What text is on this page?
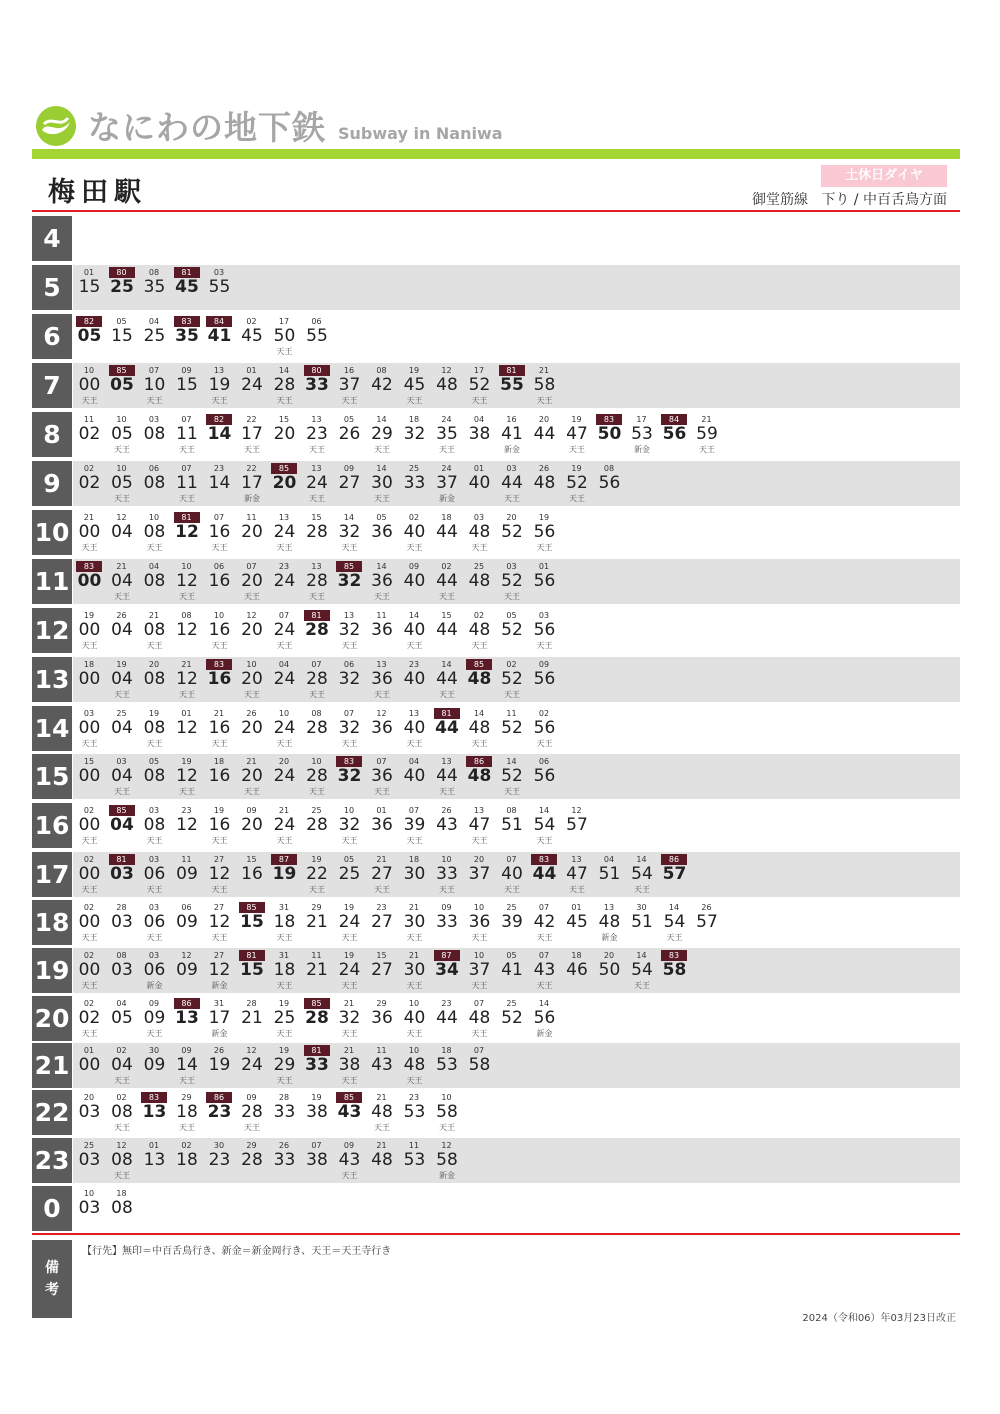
なにわの地下鉄 Subway in Naniwa
梅田駅
土休日ダイヤ
御堂筋線 下り / 中百舌鳥方面
4
5
01
15
80
25
08
35
81
45
03
55
6
82
05
05
15
04
25
83
35
84
41
02
45
17
50
天王
06
55
7
10
00
天王
85
05
07
10
天王
09
15
13
19
天王
01
24
14
28
天王
80
33
16
37
天王
08
42
19
45
天王
12
48
17
52
天王
81
55
21
58
天王
8
11
02
10
05
天王
03
08
07
11
天王
82
14
22
17
天王
15
20
13
23
天王
05
26
14
29
天王
18
32
24
35
天王
04
38
16
41
新金
20
44
19
47
天王
83
50
17
53
新金
84
56
21
59
天王
9
02
02
10
05
天王
06
08
07
11
天王
23
14
22
17
新金
85
20
13
24
天王
09
27
14
30
天王
25
33
24
37
新金
01
40
03
44
天王
26
48
19
52
天王
08
56
10
21
00
天王
12
04
10
08
天王
81
12
07
16
天王
11
20
13
24
天王
15
28
14
32
天王
05
36
02
40
天王
18
44
03
48
天王
20
52
19
56
天王
11
83
00
21
04
天王
04
08
10
12
天王
06
16
07
20
天王
23
24
13
28
天王
85
32
14
36
天王
09
40
02
44
天王
25
48
03
52
天王
01
56
12
19
00
天王
26
04
21
08
天王
08
12
10
16
天王
12
20
07
24
天王
81
28
13
32
天王
11
36
14
40
天王
15
44
02
48
天王
05
52
03
56
天王
13
18
00
19
04
天王
20
08
21
12
天王
83
16
10
20
天王
04
24
07
28
天王
06
32
13
36
天王
23
40
14
44
天王
85
48
02
52
天王
09
56
14
03
00
天王
25
04
19
08
天王
01
12
21
16
天王
26
20
10
24
天王
08
28
07
32
天王
12
36
13
40
天王
81
44
14
48
天王
11
52
02
56
天王
15
15
00
03
04
天王
05
08
19
12
天王
18
16
21
20
天王
20
24
10
28
天王
83
32
07
36
天王
04
40
13
44
天王
86
48
14
52
天王
06
56
16
02
00
天王
85
04
03
08
天王
23
12
19
16
天王
09
20
21
24
天王
25
28
10
32
天王
01
36
07
39
天王
26
43
13
47
天王
08
51
14
54
天王
12
57
17
02
00
天王
81
03
03
06
天王
11
09
27
12
天王
15
16
87
19
19
22
天王
05
25
21
27
天王
18
30
10
33
天王
20
37
07
40
天王
83
44
13
47
天王
04
51
14
54
天王
86
57
18
02
00
天王
28
03
03
06
天王
06
09
27
12
天王
85
15
31
18
天王
29
21
19
24
天王
23
27
21
30
天王
09
33
10
36
天王
25
39
07
42
天王
01
45
13
48
新金
30
51
14
54
天王
26
57
19
02
00
天王
08
03
03
06
新金
12
09
27
12
新金
81
15
31
18
天王
11
21
19
24
天王
15
27
21
30
天王
87
34
10
37
天王
05
41
07
43
天王
18
46
20
50
14
54
天王
83
58
20
02
02
天王
04
05
09
09
天王
86
13
31
17
新金
28
21
19
25
天王
85
28
21
32
天王
29
36
10
40
天王
23
44
07
48
天王
25
52
14
56
新金
21
01
00
02
04
天王
30
09
09
14
天王
26
19
12
24
19
29
天王
81
33
21
38
天王
11
43
10
48
天王
18
53
07
58
22
20
03
02
08
天王
83
13
29
18
天王
86
23
09
28
天王
28
33
19
38
85
43
21
48
天王
23
53
10
58
天王
23
25
03
12
08
天王
01
13
02
18
30
23
29
28
26
33
07
38
09
43
天王
21
48
11
53
12
58
新金
0
10
03
18
08
備
考
【行先】無印＝中百舌鳥行き、新金＝新金岡行き、天王＝天王寺行き
2024（令和06）年03月23日改正
